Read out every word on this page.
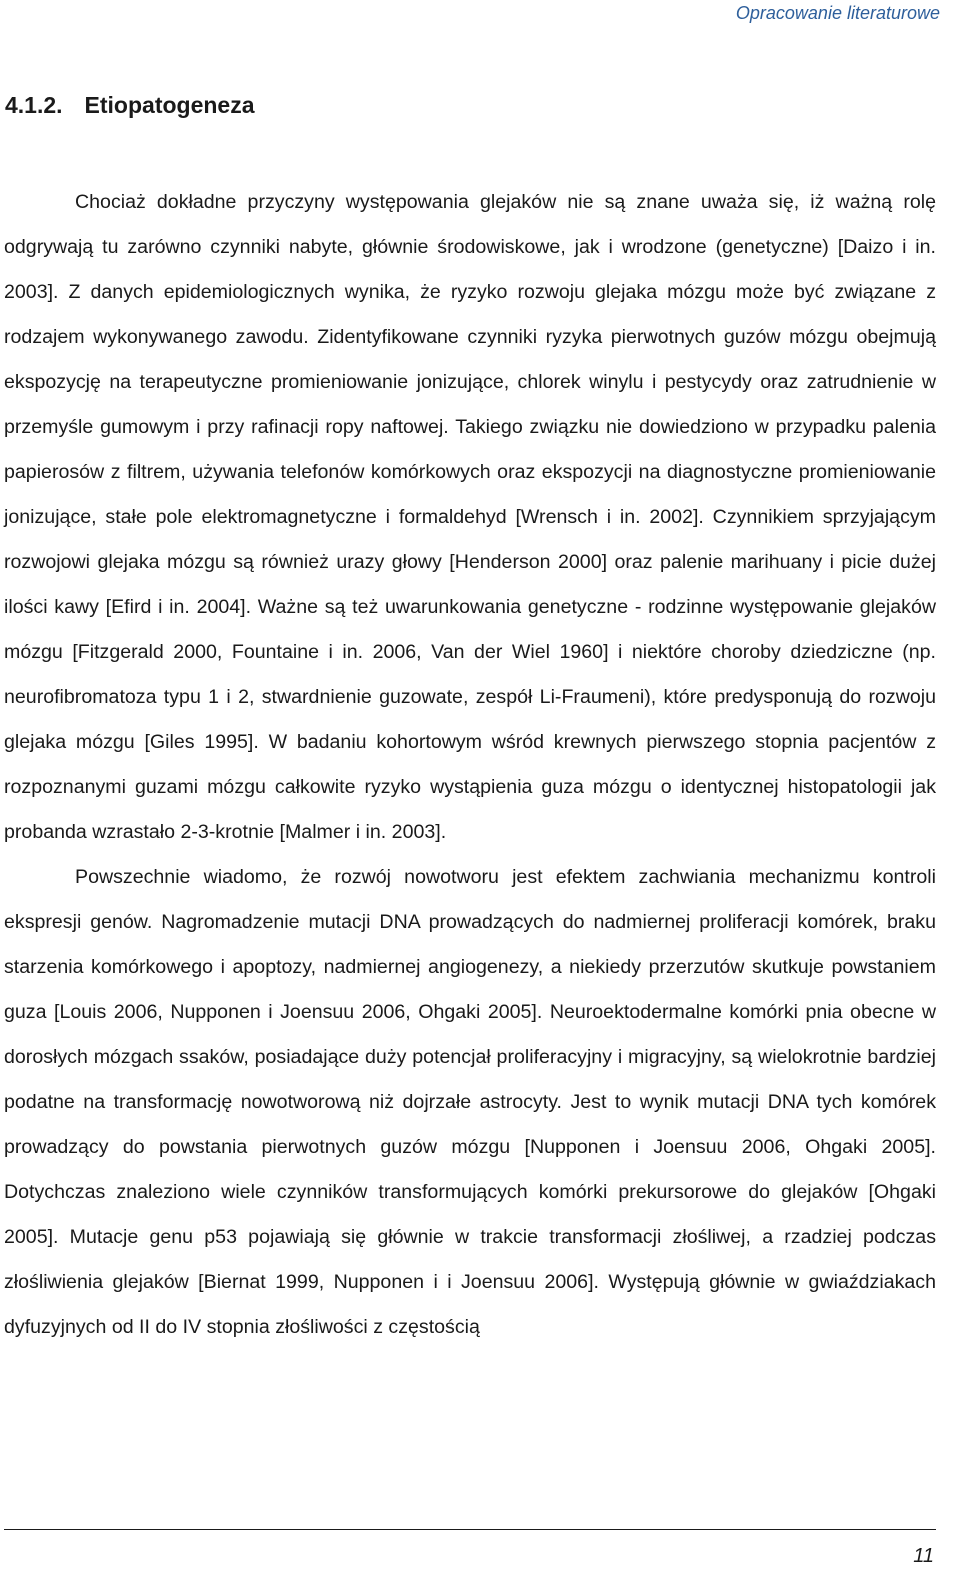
Opracowanie literaturowe
4.1.2. Etiopatogeneza

Chociaż dokładne przyczyny występowania glejaków nie są znane uważa się, iż ważną rolę odgrywają tu zarówno czynniki nabyte, głównie środowiskowe, jak i wrodzone (genetyczne) [Daizo i in. 2003]. Z danych epidemiologicznych wynika, że ryzyko rozwoju glejaka mózgu może być związane z rodzajem wykonywanego zawodu. Zidentyfikowane czynniki ryzyka pierwotnych guzów mózgu obejmują ekspozycję na terapeutyczne promieniowanie jonizujące, chlorek winylu i pestycydy oraz zatrudnienie w przemyśle gumowym i przy rafinacji ropy naftowej. Takiego związku nie dowiedziono w przypadku palenia papierosów z filtrem, używania telefonów komórkowych oraz ekspozycji na diagnostyczne promieniowanie jonizujące, stałe pole elektromagnetyczne i formaldehyd [Wrensch i in. 2002]. Czynnikiem sprzyjającym rozwojowi glejaka mózgu są również urazy głowy [Henderson 2000] oraz palenie marihuany i picie dużej ilości kawy [Efird i in. 2004]. Ważne są też uwarunkowania genetyczne - rodzinne występowanie glejaków mózgu [Fitzgerald 2000, Fountaine i in. 2006, Van der Wiel 1960] i niektóre choroby dziedziczne (np. neurofibromatoza typu 1 i 2, stwardnienie guzowate, zespół Li-Fraumeni), które predysponują do rozwoju glejaka mózgu [Giles 1995]. W badaniu kohortowym wśród krewnych pierwszego stopnia pacjentów z rozpoznanymi guzami mózgu całkowite ryzyko wystąpienia guza mózgu o identycznej histopatologii jak probanda wzrastało 2-3-krotnie [Malmer i in. 2003].

Powszechnie wiadomo, że rozwój nowotworu jest efektem zachwiania mechanizmu kontroli ekspresji genów. Nagromadzenie mutacji DNA prowadzących do nadmiernej proliferacji komórek, braku starzenia komórkowego i apoptozy, nadmiernej angiogenezy, a niekiedy przerzutów skutkuje powstaniem guza [Louis 2006, Nupponen i Joensuu 2006, Ohgaki 2005]. Neuroektodermalne komórki pnia obecne w dorosłych mózgach ssaków, posiadające duży potencjał proliferacyjny i migracyjny, są wielokrotnie bardziej podatne na transformację nowotworową niż dojrzałe astrocyty. Jest to wynik mutacji DNA tych komórek prowadzący do powstania pierwotnych guzów mózgu [Nupponen i Joensuu 2006, Ohgaki 2005]. Dotychczas znaleziono wiele czynników transformujących komórki prekursorowe do glejaków [Ohgaki 2005]. Mutacje genu p53 pojawiają się głównie w trakcie transformacji złośliwej, a rzadziej podczas złośliwienia glejaków [Biernat 1999, Nupponen i i Joensuu 2006]. Występują głównie w gwiaździakach dyfuzyjnych od II do IV stopnia złośliwości z częstością

11
